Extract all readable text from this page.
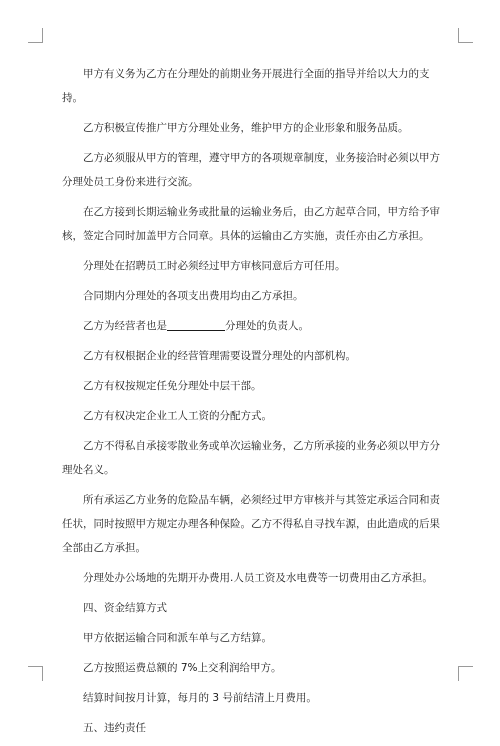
甲方有义务为乙方在分理处的前期业务开展进行全面的指导并给以大力的支持。

乙方积极宣传推广甲方分理处业务，维护甲方的企业形象和服务品质。

乙方必须服从甲方的管理，遵守甲方的各项规章制度，业务接洽时必须以甲方分理处员工身份来进行交流。

在乙方接到长期运输业务或批量的运输业务后，由乙方起草合同，甲方给予审核，签定合同时加盖甲方合同章。具体的运输由乙方实施，责任亦由乙方承担。

分理处在招聘员工时必须经过甲方审核同意后方可任用。

合同期内分理处的各项支出费用均由乙方承担。

乙方为经营者也是	分理处的负责人。

乙方有权根据企业的经营管理需要设置分理处的内部机构。

乙方有权按规定任免分理处中层干部。

乙方有权决定企业工人工资的分配方式。

乙方不得私自承接零散业务或单次运输业务，乙方所承接的业务必须以甲方分理处名义。

所有承运乙方业务的危险品车辆，必须经过甲方审核并与其签定承运合同和责任状，同时按照甲方规定办理各种保险。乙方不得私自寻找车源，由此造成的后果全部由乙方承担。

分理处办公场地的先期开办费用.人员工资及水电费等一切费用由乙方承担。

四、资金结算方式

甲方依据运输合同和派车单与乙方结算。

乙方按照运费总额的 7%上交利润给甲方。

结算时间按月计算，每月的 3 号前结清上月费用。

五、违约责任
